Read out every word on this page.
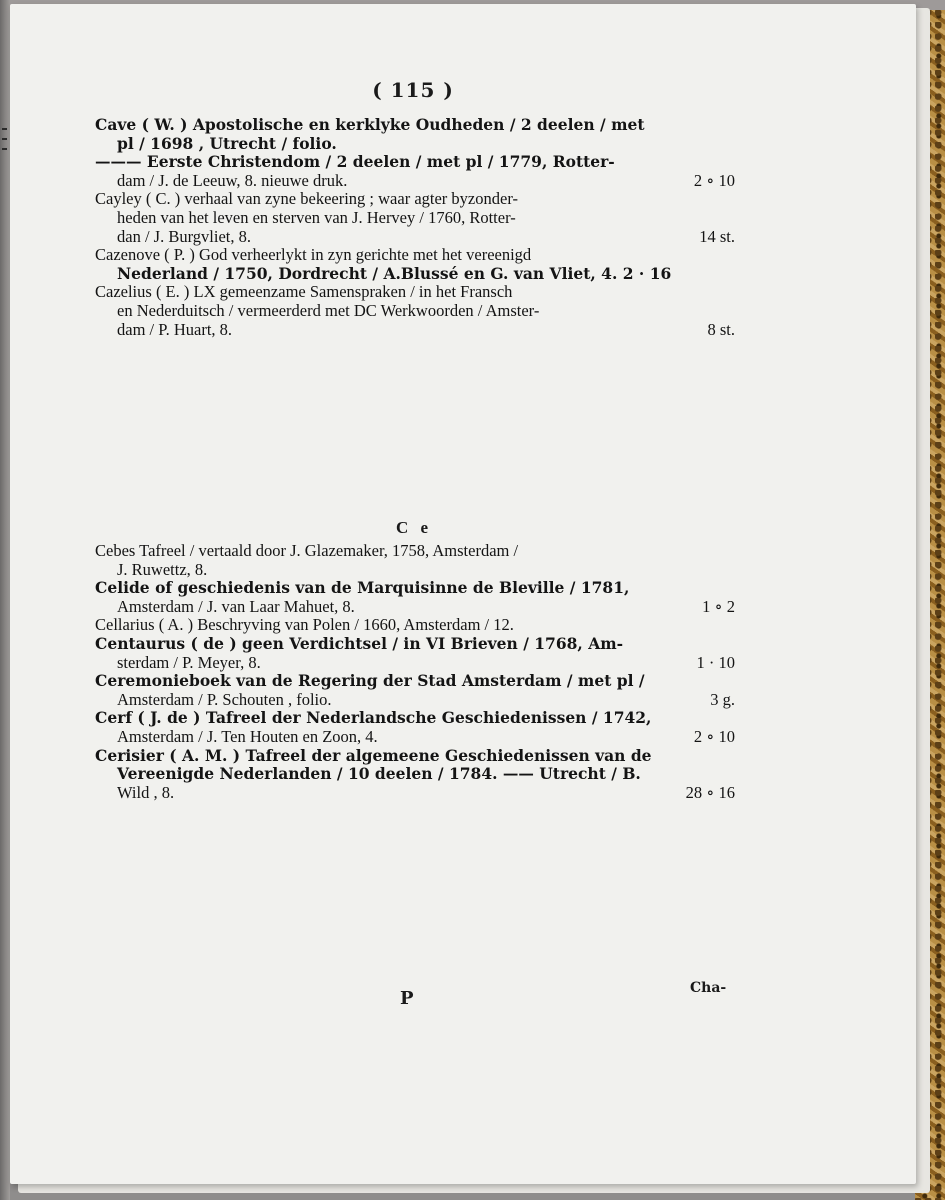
( 115 )
Cave ( W. ) Apostolische en kerklyke Oudheden / 2 deelen / met
pl / 1698 , Utrecht / folio.
——— Eerste Christendom / 2 deelen / met pl / 1779, Rotter-
dam / J. de Leeuw, 8. nieuwe druk.	2 ∘ 10
Cayley ( C. ) verhaal van zyne bekeering ; waar agter byzonder-
heden van het leven en sterven van J. Hervey / 1760, Rotter-
dan / J. Burgvliet, 8.	14 st.
Cazenove ( P. ) God verheerlykt in zyn gerichte met het vereenigd
Nederland / 1750, Dordrecht / A.Blussé en G. van Vliet, 4. 2 · 16
Cazelius ( E. ) LX gemeenzame Samenspraken / in het Fransch
en Nederduitsch / vermeerderd met DC Werkwoorden / Amster-
dam / P. Huart, 8.	8 st.
C e
Cebes Tafreel / vertaald door J. Glazemaker, 1758, Amsterdam /
J. Ruwettz, 8.
Celide of geschiedenis van de Marquisinne de Bleville / 1781,
Amsterdam / J. van Laar Mahuet, 8.	1 ∘ 2
Cellarius ( A. ) Beschryving van Polen / 1660, Amsterdam / 12.
Centaurus ( de ) geen Verdichtsel / in VI Brieven / 1768, Am-
sterdam / P. Meyer, 8.	1 · 10
Ceremonieboek van de Regering der Stad Amsterdam / met pl /
Amsterdam / P. Schouten , folio.	3 g.
Cerf ( J. de ) Tafreel der Nederlandsche Geschiedenissen / 1742,
Amsterdam / J. Ten Houten en Zoon, 4.	2 ∘ 10
Cerisier ( A. M. ) Tafreel der algemeene Geschiedenissen van de
Vereenigde Nederlanden / 10 deelen / 1784. —— Utrecht / B.
Wild , 8.	28 ∘ 16
P	Cha-
